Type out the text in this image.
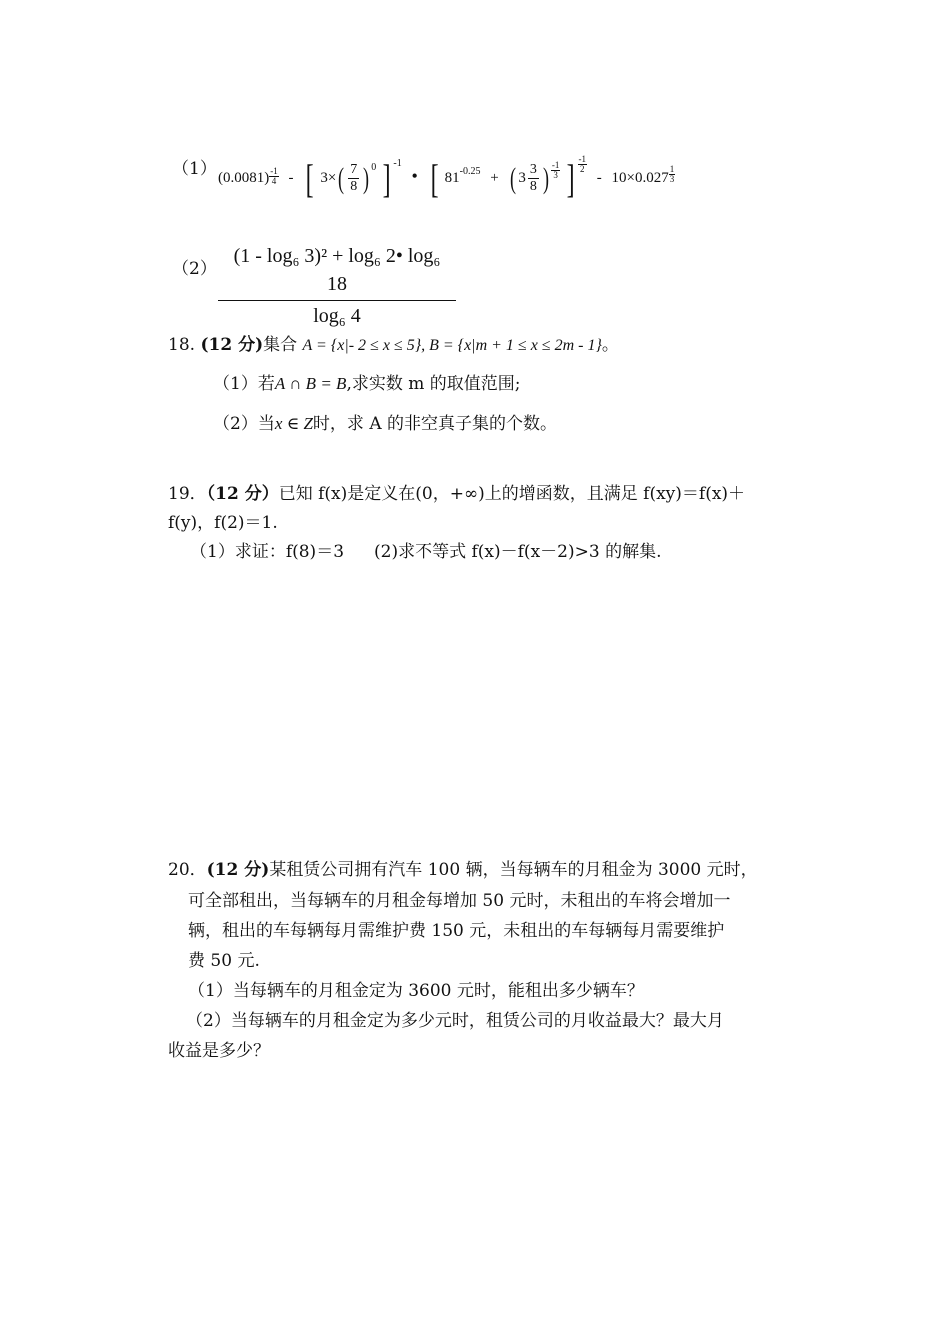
（1） $(0.0081) \frac{-1}{4}$ - [ $3\times( \frac{7}{8}$ ) $^0$ ] $^{-1}$ • [ $81^{-0.25}$ + ( $3 \frac{3}{8}$ ) $\frac{-1}{3}$ ] $\frac{-1}{2}$
- $10\times 0.027 \frac{1}{3}$
$(2) \frac{\text{(1 - log₆ 3)² + log₆ 2• log₆ 18}}{\text{log₆ 4}}$
18. (12 分)集合 A = {x|- 2 ≤ x ≤ 5}, B = {x|m + 1 ≤ x ≤ 2m - 1}。
（1）若A ∩ B = B,求实数 m 的取值范围;
（2）当x ∈ Z时，求 A 的非空真子集的个数。
19．（12 分）已知 f(x)是定义在(0，+∞)上的增函数，且满足 f(xy)＝f(x)＋
f(y)，f(2)＝1.
（1）求证：f(8)＝3 (2)求不等式 f(x)－f(x－2)>3 的解集.
20．(12 分)某租赁公司拥有汽车 100 辆，当每辆车的月租金为 3000 元时，
可全部租出，当每辆车的月租金每增加 50 元时，未租出的车将会增加一
辆，租出的车每辆每月需维护费 150 元，未租出的车每辆每月需要维护
费 50 元.
（1）当每辆车的月租金定为 3600 元时，能租出多少辆车？
（2）当每辆车的月租金定为多少元时，租赁公司的月收益最大？最大月
收益是多少？
